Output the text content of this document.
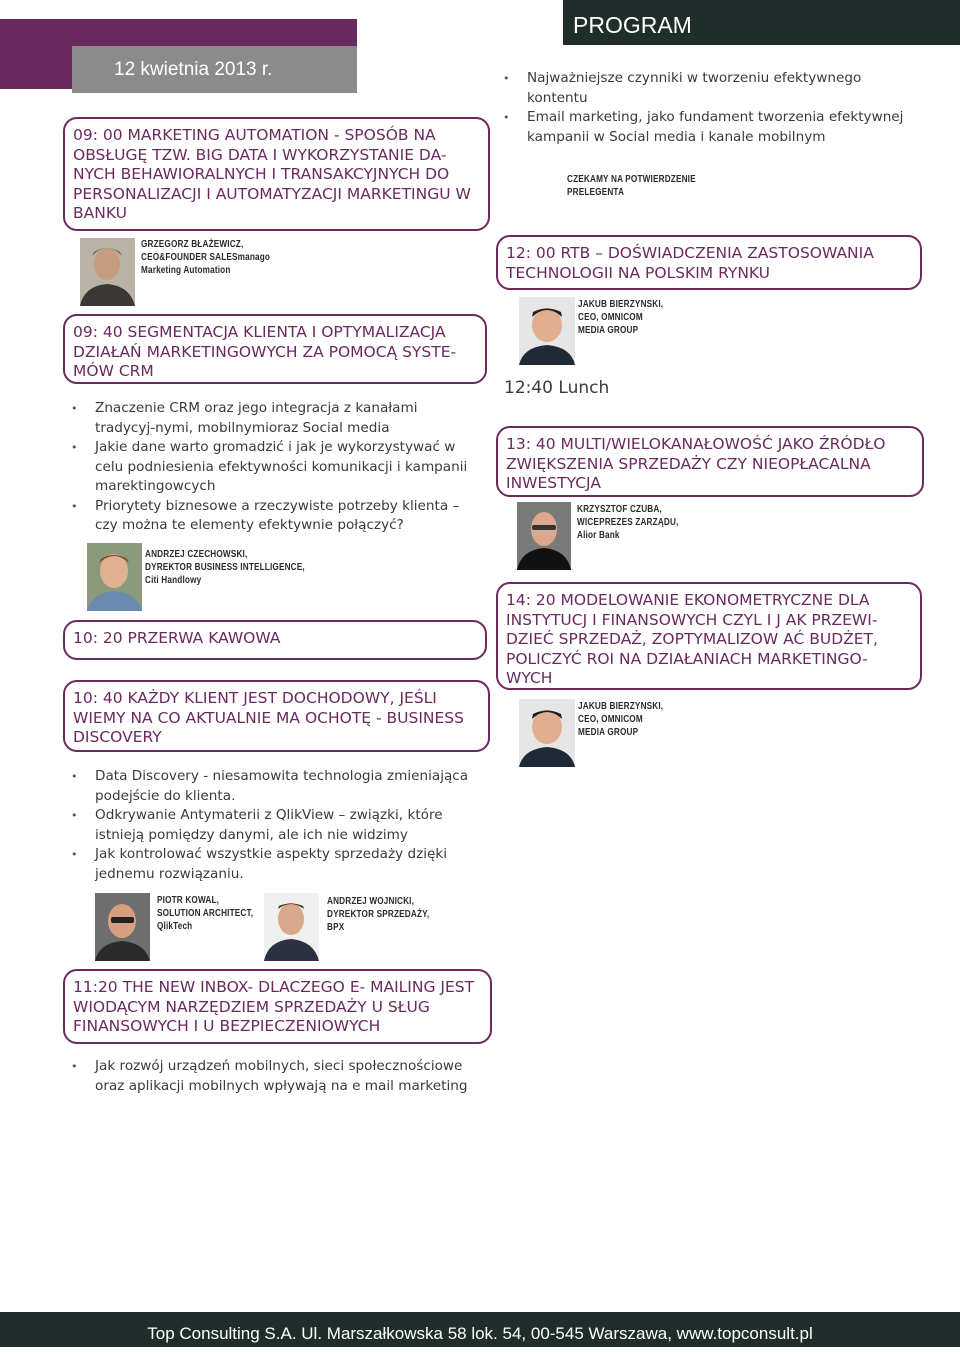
12 kwietnia 2013 r.
PROGRAM
09: 00 MARKETING AUTOMATION - SPOSÓB NA OBSŁUGĘ TZW. BIG DATA I WYKORZYSTANIE DA-NYCH BEHAWIORALNYCH I TRANSAKCYJNYCH DO PERSONALIZACJI I AUTOMATYZACJI MARKETINGU W BANKU
GRZEGORZ BŁAŻEWICZ,
CEO&FOUNDER SALESmanago
Marketing Automation
09: 40 SEGMENTACJA KLIENTA I OPTYMALIZACJA DZIAŁAŃ MARKETINGOWYCH ZA POMOCĄ SYSTE-MÓW CRM
• Znaczenie CRM oraz jego integracja z kanałami tradycyj-nymi, mobilnymioraz Social media
• Jakie dane warto gromadzić i jak je wykorzystywać w celu podniesienia efektywności komunikacji i kampanii marektingowcych
• Priorytety biznesowe a rzeczywiste potrzeby klienta – czy można te elementy efektywnie połączyć?
ANDRZEJ CZECHOWSKI,
DYREKTOR BUSINESS INTELLIGENCE,
Citi Handlowy
10: 20 PRZERWA KAWOWA
10: 40 KAŻDY KLIENT JEST DOCHODOWY, JEŚLI WIEMY NA CO AKTUALNIE MA OCHOTĘ - BUSINESS DISCOVERY
• Data Discovery - niesamowita technologia zmieniająca podejście do klienta.
• Odkrywanie Antymaterii z QlikView – związki, które istnieją pomiędzy danymi, ale ich nie widzimy
• Jak kontrolować wszystkie aspekty sprzedaży dzięki jednemu rozwiązaniu.
PIOTR KOWAL,
SOLUTION ARCHITECT,
QlikTech
ANDRZEJ WOJNICKI,
DYREKTOR SPRZEDAŻY,
BPX
11:20 THE NEW INBOX- DLACZEGO E- MAILING JEST WIODĄCYM NARZĘDZIEM SPRZEDAŻY U SŁUG FINANSOWYCH I U BEZPIECZENIOWYCH
• Jak rozwój urządzeń mobilnych, sieci społecznościowe oraz aplikacji mobilnych wpływają na e mail marketing
• Najważniejsze czynniki w tworzeniu efektywnego kontentu
• Email marketing, jako fundament tworzenia efektywnej kampanii w Social media i kanale mobilnym
CZEKAMY NA POTWIERDZENIE
PRELEGENTA
12: 00 RTB – DOŚWIADCZENIA ZASTOSOWANIA TECHNOLOGII NA POLSKIM RYNKU
JAKUB BIERZYNSKI,
CEO, OMNICOM
MEDIA GROUP
12:40 Lunch
13: 40 MULTI/WIELOKANAŁOWOŚĆ JAKO ŹRÓDŁO ZWIĘKSZENIA SPRZEDAŻY CZY NIEOPŁACALNA INWESTYCJA
KRZYSZTOF CZUBA,
WICEPREZES ZARZĄDU,
Alior Bank
14: 20 MODELOWANIE EKONOMETRYCZNE DLA INSTYTUCJ I FINANSOWYCH CZYL I J AK PRZEWI-DZIEĆ SPRZEDAŻ, ZOPTYMALIZOW AĆ BUDŻET, POLICZYĆ ROI NA DZIAŁANIACH MARKETINGO-WYCH
JAKUB BIERZYNSKI,
CEO, OMNICOM
MEDIA GROUP
Top Consulting S.A. Ul. Marszałkowska 58 lok. 54, 00-545 Warszawa, www.topconsult.pl
